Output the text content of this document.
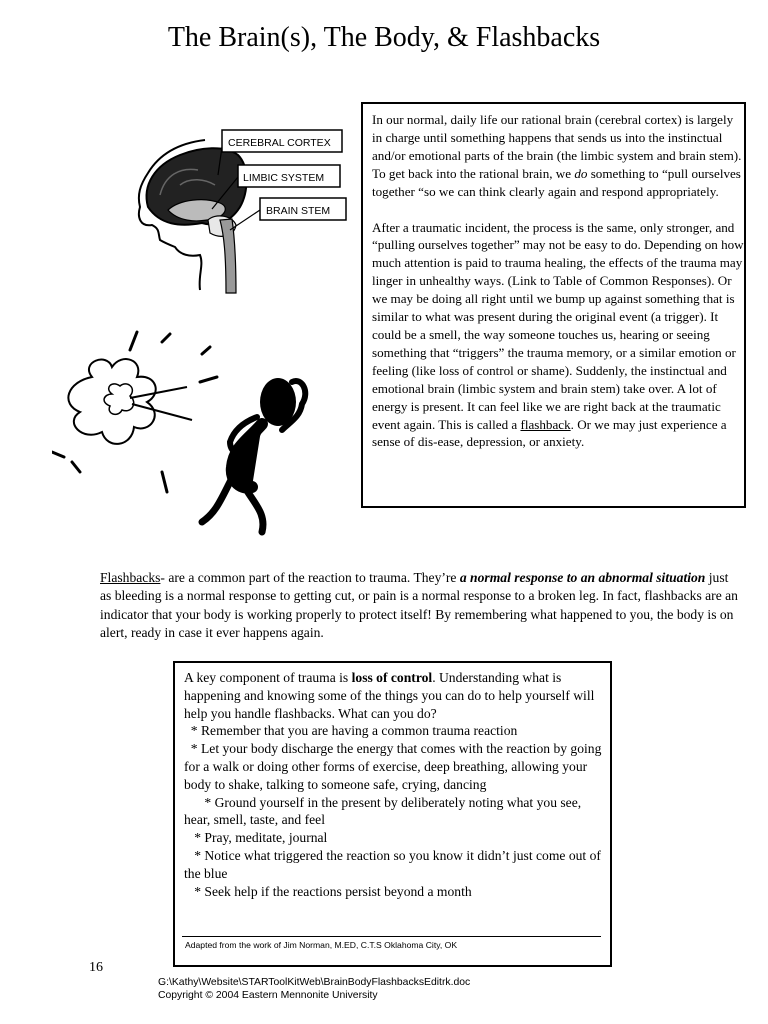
The Brain(s), The Body, & Flashbacks
CEREBRAL CORTEX
LIMBIC SYSTEM
BRAIN STEM

In our normal, daily life our rational brain (cerebral cortex) is largely in charge until something happens that sends us into the instinctual and/or emotional parts of the brain (the limbic system and brain stem). To get back into the rational brain, we do something to “pull ourselves together “so we can think clearly again and respond appropriately.

After a traumatic incident, the process is the same, only stronger, and “pulling ourselves together” may not be easy to do. Depending on how much attention is paid to trauma healing, the effects of the trauma may linger in unhealthy ways. (Link to Table of Common Responses). Or we may be doing all right until we bump up against something that is similar to what was present during the original event (a trigger). It could be a smell, the way someone touches us, hearing or seeing something that “triggers” the trauma memory, or a similar emotion or feeling (like loss of control or shame). Suddenly, the instinctual and emotional brain (limbic system and brain stem) take over. A lot of energy is present. It can feel like we are right back at the traumatic event again. This is called a flashback. Or we may just experience a sense of dis-ease, depression, or anxiety.

Flashbacks- are a common part of the reaction to trauma. They’re a normal response to an abnormal situation just as bleeding is a normal response to getting cut, or pain is a normal response to a broken leg. In fact, flashbacks are an indicator that your body is working properly to protect itself! By remembering what happened to you, the body is on alert, ready in case it ever happens again.
A key component of trauma is loss of control. Understanding what is happening and knowing some of the things you can do to help yourself will help you handle flashbacks. What can you do?
* Remember that you are having a common trauma reaction
* Let your body discharge the energy that comes with the reaction by going for a walk or doing other forms of exercise, deep breathing, allowing your body to shake, talking to someone safe, crying, dancing
* Ground yourself in the present by deliberately noting what you see, hear, smell, taste, and feel
* Pray, meditate, journal
* Notice what triggered the reaction so you know it didn’t just come out of the blue
* Seek help if the reactions persist beyond a month
Adapted from the work of Jim Norman, M.ED, C.T.S Oklahoma City, OK
16
G:\Kathy\Website\STARToolKitWeb\BrainBodyFlashbacksEditrk.doc
Copyright © 2004 Eastern Mennonite University
